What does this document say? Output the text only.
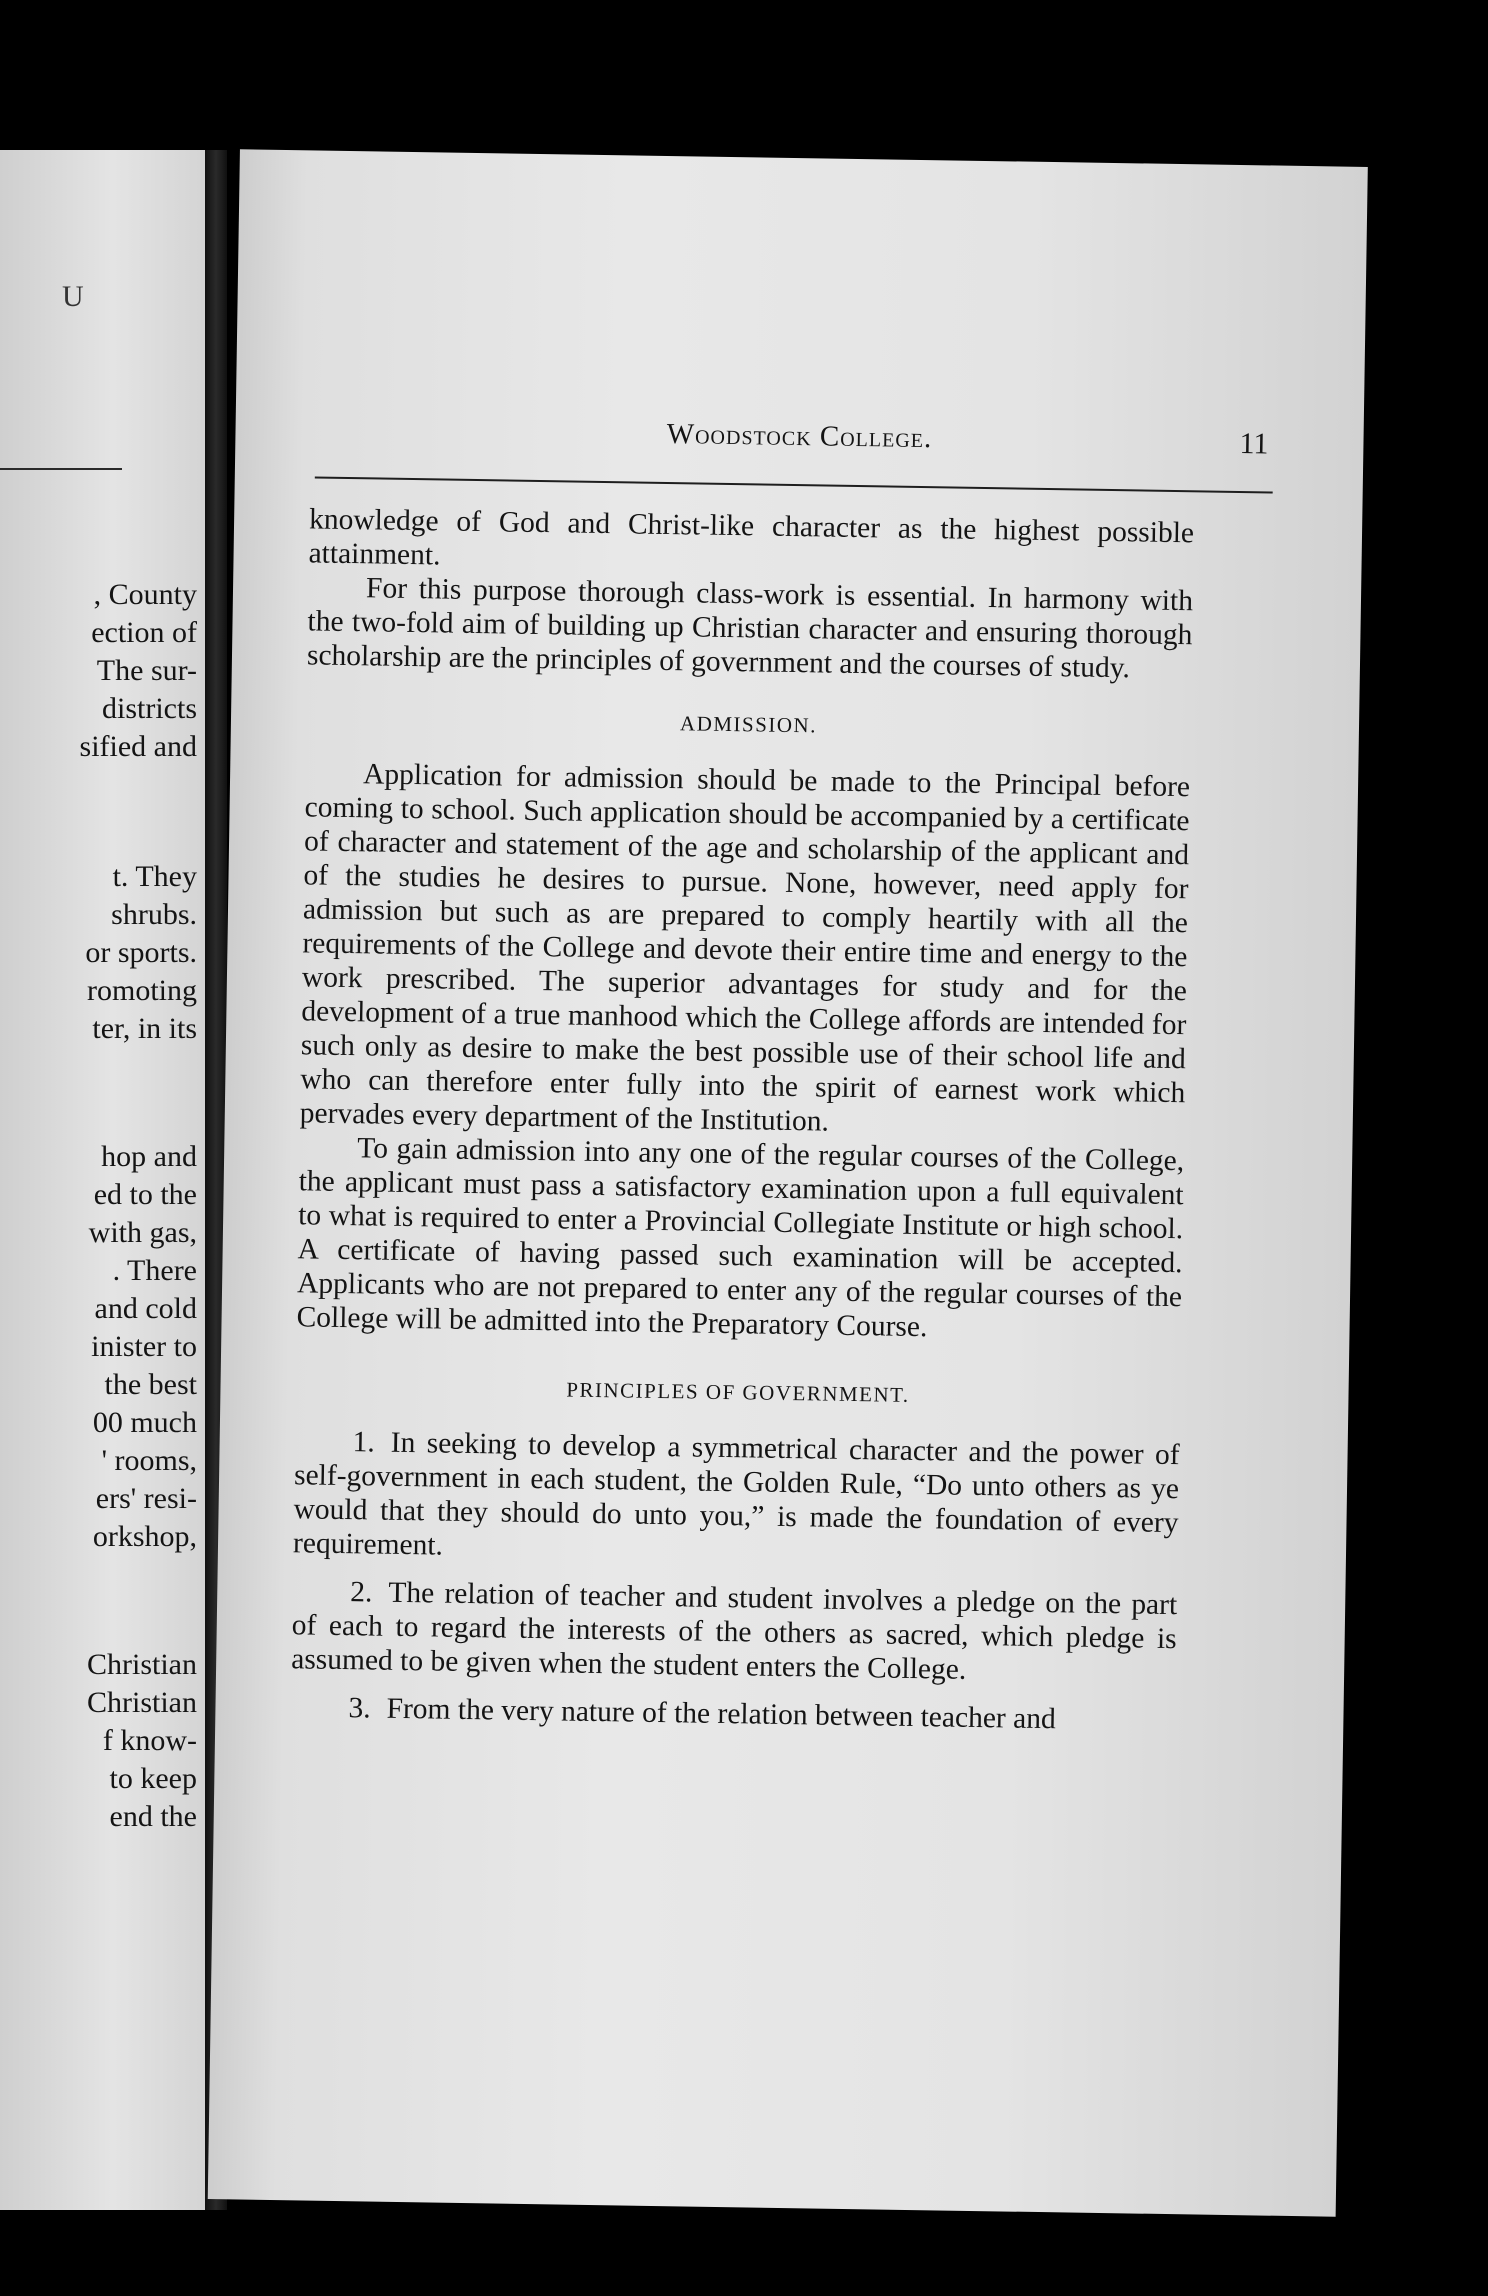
U
, County
ection of
The sur-
districts
sified and
t. They
shrubs.
or sports.
romoting
ter, in its
hop and
ed to the
with gas,
. There
and cold
inister to
the best
00 much
' rooms,
ers' resi-
orkshop,
Christian
Christian
f know-
to keep
end the
Woodstock College.	11

knowledge of God and Christ-like character as the highest possible attainment.

For this purpose thorough class-work is essential. In harmony with the two-fold aim of building up Christian character and ensuring thorough scholarship are the principles of government and the courses of study.

ADMISSION.

Application for admission should be made to the Principal before coming to school. Such application should be accompanied by a certificate of character and statement of the age and scholarship of the applicant and of the studies he desires to pursue. None, however, need apply for admission but such as are prepared to comply heartily with all the requirements of the College and devote their entire time and energy to the work prescribed. The superior advantages for study and for the development of a true manhood which the College affords are intended for such only as desire to make the best possible use of their school life and who can therefore enter fully into the spirit of earnest work which pervades every department of the Institution.

To gain admission into any one of the regular courses of the College, the applicant must pass a satisfactory examination upon a full equivalent to what is required to enter a Provincial Collegiate Institute or high school. A certificate of having passed such examination will be accepted. Applicants who are not prepared to enter any of the regular courses of the College will be admitted into the Preparatory Course.

PRINCIPLES OF GOVERNMENT.

1. In seeking to develop a symmetrical character and the power of self-government in each student, the Golden Rule, “Do unto others as ye would that they should do unto you,” is made the foundation of every requirement.

2. The relation of teacher and student involves a pledge on the part of each to regard the interests of the others as sacred, which pledge is assumed to be given when the student enters the College.

3. From the very nature of the relation between teacher and
